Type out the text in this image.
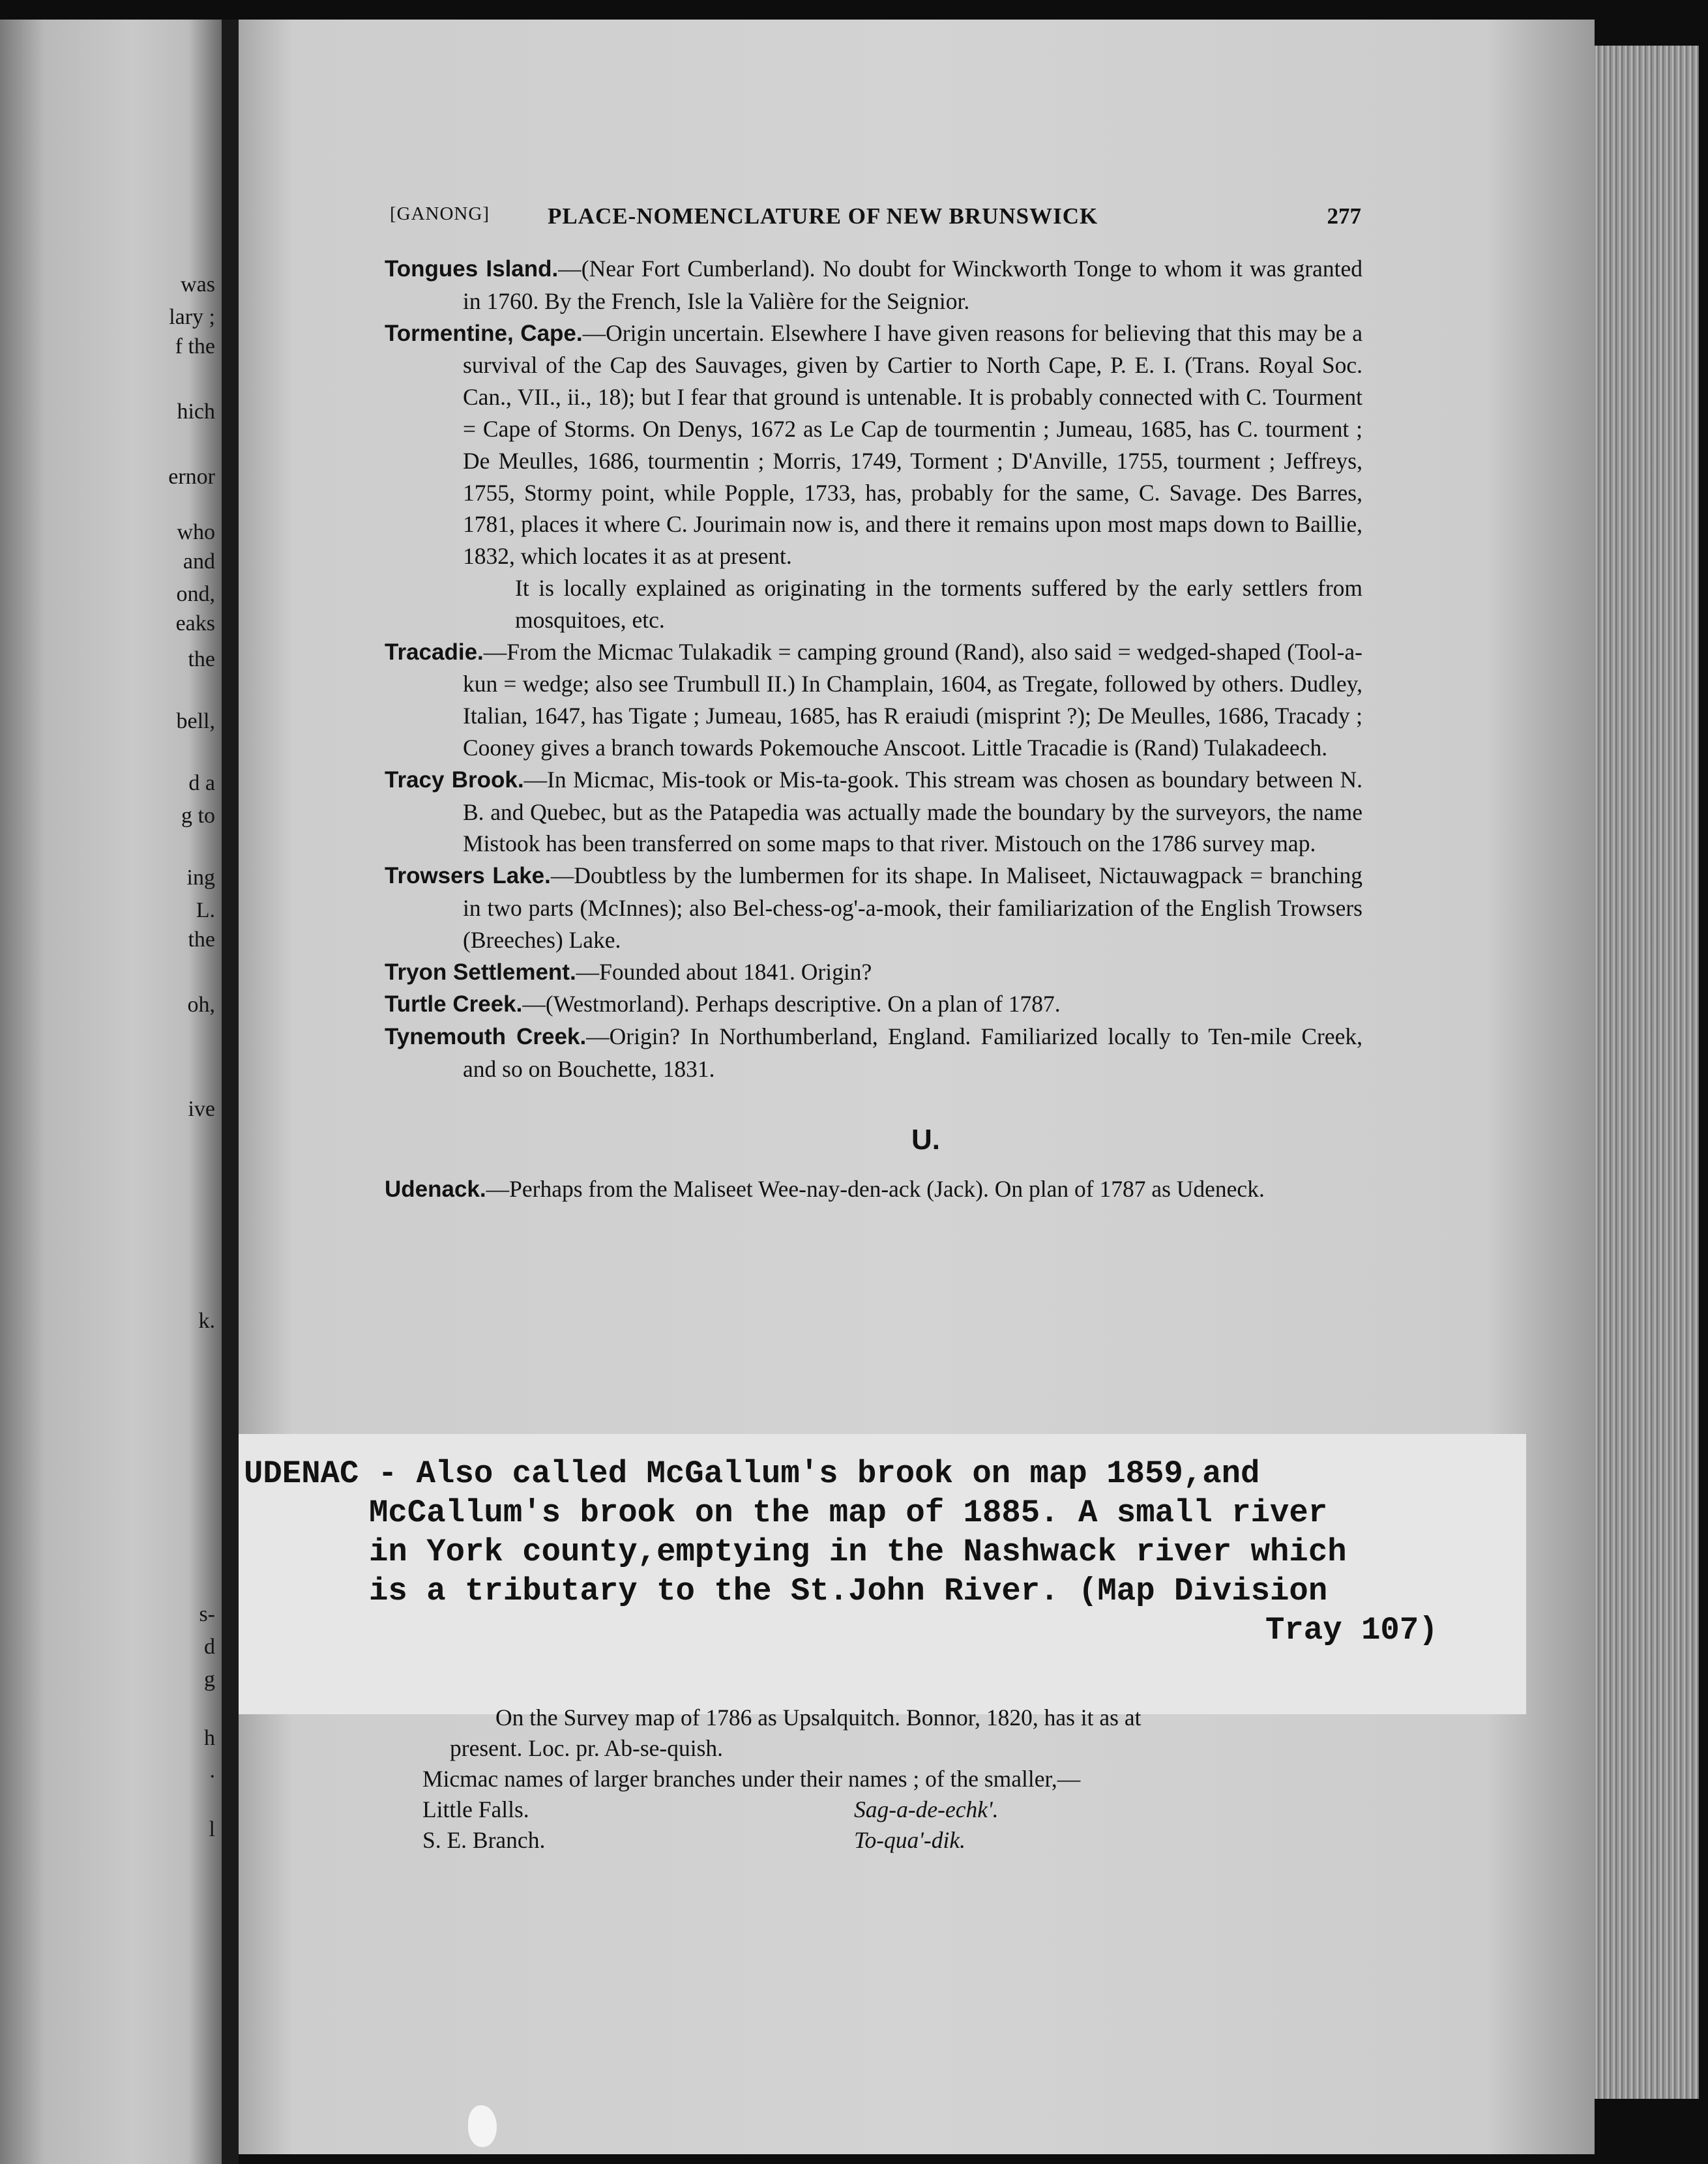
was
lary ;
f the
hich
ernor
who
and
ond,
eaks
the
bell,
d a
g to
ing
L.
the
oh,
ive
k.
s-
d
g
h
.
l
[GANONG]	PLACE-NOMENCLATURE OF NEW BRUNSWICK	277

Tongues Island.—(Near Fort Cumberland). No doubt for Winckworth Tonge to whom it was granted in 1760. By the French, Isle la Valière for the Seignior.

Tormentine, Cape.—Origin uncertain. Elsewhere I have given reasons for believing that this may be a survival of the Cap des Sauvages, given by Cartier to North Cape, P. E. I. (Trans. Royal Soc. Can., VII., ii., 18); but I fear that ground is untenable. It is probably connected with C. Tourment = Cape of Storms. On Denys, 1672 as Le Cap de tourmentin ; Jumeau, 1685, has C. tourment ; De Meulles, 1686, tourmentin ; Morris, 1749, Torment ; D'Anville, 1755, tourment ; Jeffreys, 1755, Stormy point, while Popple, 1733, has, probably for the same, C. Savage. Des Barres, 1781, places it where C. Jourimain now is, and there it remains upon most maps down to Baillie, 1832, which locates it as at present.

It is locally explained as originating in the torments suffered by the early settlers from mosquitoes, etc.

Tracadie.—From the Micmac Tulakadik = camping ground (Rand), also said = wedged-shaped (Tool-a-kun = wedge; also see Trumbull II.) In Champlain, 1604, as Tregate, followed by others. Dudley, Italian, 1647, has Tigate ; Jumeau, 1685, has R eraiudi (misprint ?); De Meulles, 1686, Tracady ; Cooney gives a branch towards Pokemouche Anscoot. Little Tracadie is (Rand) Tulakadeech.

Tracy Brook.—In Micmac, Mis-took or Mis-ta-gook. This stream was chosen as boundary between N. B. and Quebec, but as the Patapedia was actually made the boundary by the surveyors, the name Mistook has been transferred on some maps to that river. Mistouch on the 1786 survey map.

Trowsers Lake.—Doubtless by the lumbermen for its shape. In Maliseet, Nictauwagpack = branching in two parts (McInnes); also Bel-chess-og'-a-mook, their familiarization of the English Trowsers (Breeches) Lake.

Tryon Settlement.—Founded about 1841. Origin?

Turtle Creek.—(Westmorland). Perhaps descriptive. On a plan of 1787.

Tynemouth Creek.—Origin? In Northumberland, England. Familiarized locally to Ten-mile Creek, and so on Bouchette, 1831.

U.

Udenack.—Perhaps from the Maliseet Wee-nay-den-ack (Jack). On plan of 1787 as Udeneck.

UDENAC - Also called McGallum's brook on map 1859,and
McCallum's brook on the map of 1885. A small river
in York county,emptying in the Nashwack river which
is a tributary to the St.John River. (Map Division
Tray 107)

On the Survey map of 1786 as Upsalquitch. Bonnor, 1820, has it as at

present. Loc. pr. Ab-se-quish.

Micmac names of larger branches under their names ; of the smaller,—

Little Falls.	Sag-a-de-echk'.
S. E. Branch.	To-qua'-dik.
